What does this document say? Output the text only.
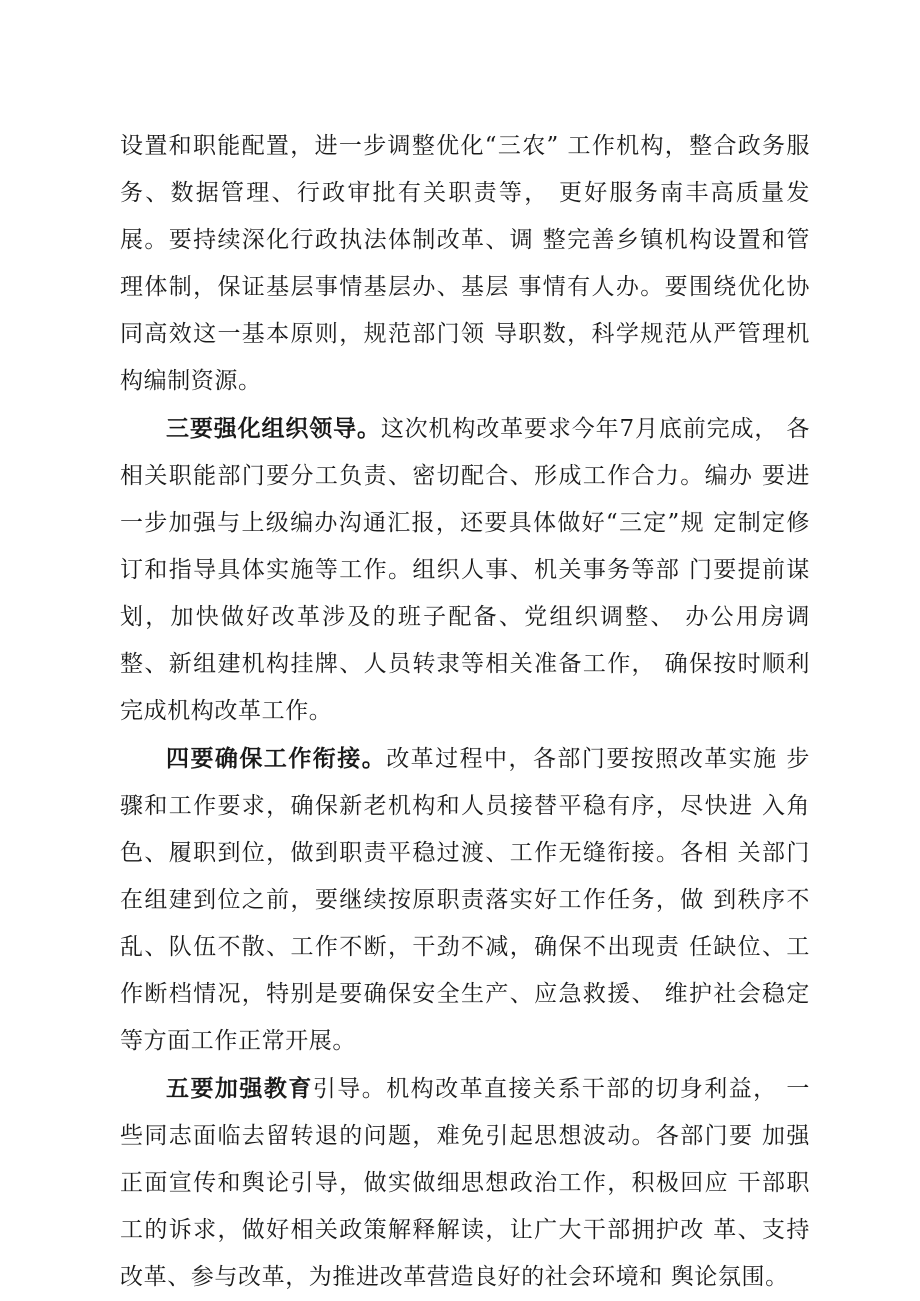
设置和职能配置，进一步调整优化“三农” 工作机构，整合政务服务、数据管理、行政审批有关职责等， 更好服务南丰高质量发展。要持续深化行政执法体制改革、调 整完善乡镇机构设置和管理体制，保证基层事情基层办、基层 事情有人办。要围绕优化协同高效这一基本原则，规范部门领 导职数，科学规范从严管理机构编制资源。

三要强化组织领导。这次机构改革要求今年7月底前完成， 各相关职能部门要分工负责、密切配合、形成工作合力。编办 要进一步加强与上级编办沟通汇报，还要具体做好“三定”规 定制定修订和指导具体实施等工作。组织人事、机关事务等部 门要提前谋划，加快做好改革涉及的班子配备、党组织调整、 办公用房调整、新组建机构挂牌、人员转隶等相关准备工作， 确保按时顺利完成机构改革工作。

四要确保工作衔接。改革过程中，各部门要按照改革实施 步骤和工作要求，确保新老机构和人员接替平稳有序，尽快进 入角色、履职到位，做到职责平稳过渡、工作无缝衔接。各相 关部门在组建到位之前，要继续按原职责落实好工作任务，做 到秩序不乱、队伍不散、工作不断，干劲不减，确保不出现责 任缺位、工作断档情况，特别是要确保安全生产、应急救援、 维护社会稳定等方面工作正常开展。

五要加强教育引导。机构改革直接关系干部的切身利益， 一些同志面临去留转退的问题，难免引起思想波动。各部门要 加强正面宣传和舆论引导，做实做细思想政治工作，积极回应 干部职工的诉求，做好相关政策解释解读，让广大干部拥护改 革、支持改革、参与改革，为推进改革营造良好的社会环境和 舆论氛围。
